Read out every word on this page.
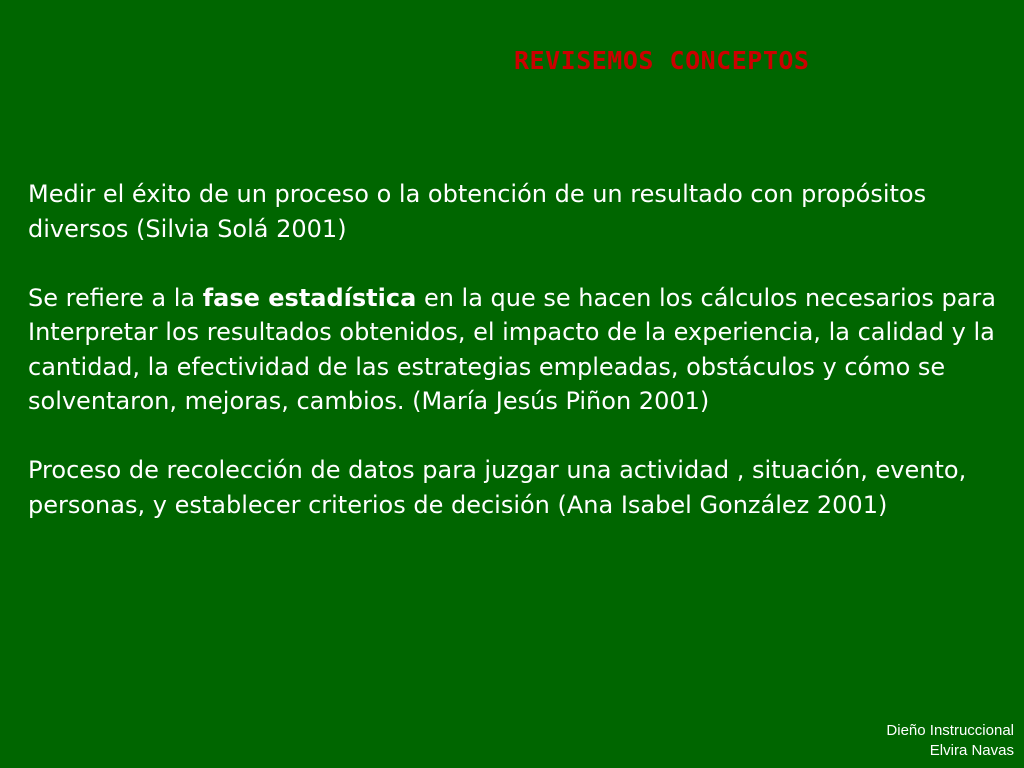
REVISEMOS CONCEPTOS

Medir el éxito de un proceso o la obtención de un resultado con propósitos diversos (Silvia Solá 2001)

Se refiere a la fase estadística en la que se hacen los cálculos necesarios para Interpretar los resultados obtenidos, el impacto de la experiencia, la calidad y la cantidad, la efectividad de las estrategias empleadas, obstáculos y cómo se solventaron, mejoras, cambios. (María Jesús Piñon 2001)

Proceso de recolección de datos para juzgar una actividad , situación, evento, personas, y establecer criterios de decisión (Ana Isabel González 2001)

Dieño Instruccional
Elvira Navas
